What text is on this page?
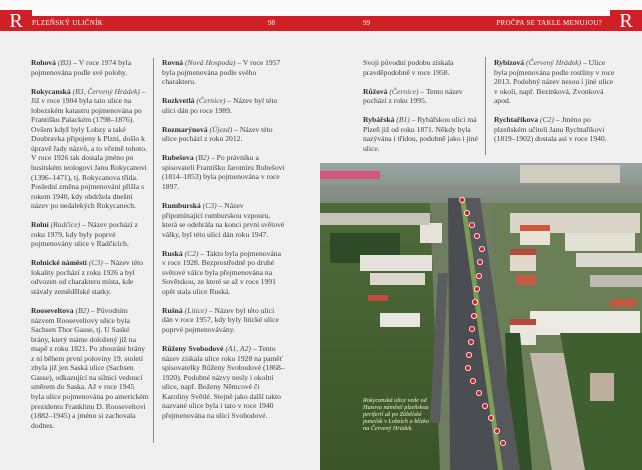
R	PLZEŇSKÝ ULIČNÍK	98	R
PROČPA SE TAKLE MENUJOU?
99

Rohová (B3) – V roce 1974 byla pojmenována podle své polohy.

Rokycanská (B3, Červený Hrádek) – Již v roce 1904 byla tato ulice na lobezském katastru pojmenována po Františku Palackém (1798–1876). Ovšem když byly Lobzy a také Doubravka připojeny k Plzni, došlo k úpravě řady názvů, a to včetně tohoto. V roce 1926 tak dostala jméno po husitském teologovi Janu Rokycanovi (1396–1471), tj. Rokycanova třída. Poslední změna pojmenování přišla s rokem 1940, kdy obdržela dnešní název po nedalekých Rokycanech.

Rolní (Radčice) – Název pochází z roku 1979, kdy byly poprvé pojmenovány ulice v Radčicích.

Rolnické náměstí (C3) – Název této lokality pochází z roku 1926 a byl odvozen od charakteru místa, kde stávaly zemědělské statky.

Rooseveltova (B2) – Původním názvem Rooseveltovy ulice byla Sachsen Thor Gasse, tj. U Saské brány, který máme doložený již na mapě z roku 1821. Po zbourání brány z ní během první poloviny 19. století zbyla již jen Saská ulice (Sachsen Gasse), odkazující na silnici vedoucí směrem do Saska. Až v roce 1945 byla ulice pojmenována po americkém prezidentu Franklinu D. Rooseveltovi (1882–1945) a jméno si zachovala dodnes.

Rovná (Nová Hospoda) – V roce 1957 byla pojmenována podle svého charakteru.

Rozkvetlá (Černice) – Název byl této ulici dán po roce 1989.

Rozmarýnová (Újezd) – Název této ulice pochází z roku 2012.

Rubešova (B2) – Po právníku a spisovateli Františku Jaromíru Rubešovi (1814–1853) byla pojmenována v roce 1897.

Rumburská (C3) – Název připomínající rumburskou vzpouru, která se odehrála na konci první světové války, byl této ulici dán roku 1947.

Ruská (C2) – Takto byla pojmenována v roce 1928. Bezprostředně po druhé světové válce byla přejmenována na Sovětskou, ze které se až v roce 1991 opět stala ulice Ruská.

Rušná (Litice) – Název byl této ulici dán v roce 1957, kdy byly litické ulice poprvé pojmenovávány.

Růženy Svobodové (A1, A2) – Tento název získala ulice roku 1928 na paměť spisovatelky Růženy Svobodové (1868–1920). Podobné názvy nesly i okolní ulice, např. Boženy Němcové či Karoliny Světlé. Stejně jako další takto nazvané ulice byla i tato v roce 1940 přejmenována na ulici Svobodové.

Svoji původní podobu získala pravděpodobně v roce 1958.

Růžová (Černice) – Tento název pochází z roku 1995.

Rybářská (B1) – Rybářskou ulici má Plzeň již od roku 1871. Někdy byla nazývána i třídou, podobně jako i jiné ulice.

Rybízová (Červený Hrádek) – Ulice byla pojmenována podle rostliny v roce 2013. Podobný název nesou i jiné ulice v okolí, např. Bezinková, Zvonková apod.

Rychtaříkova (C2) – Jméno po plzeňském učiteli Janu Rychtaříkovi (1819–1902) dostala asi v roce 1940.

Rokycanská ulice vede od Husova náměstí plzeňskou periferií až po Zábělské panelák v Lobzích a blízko na Červený Hrádek.
